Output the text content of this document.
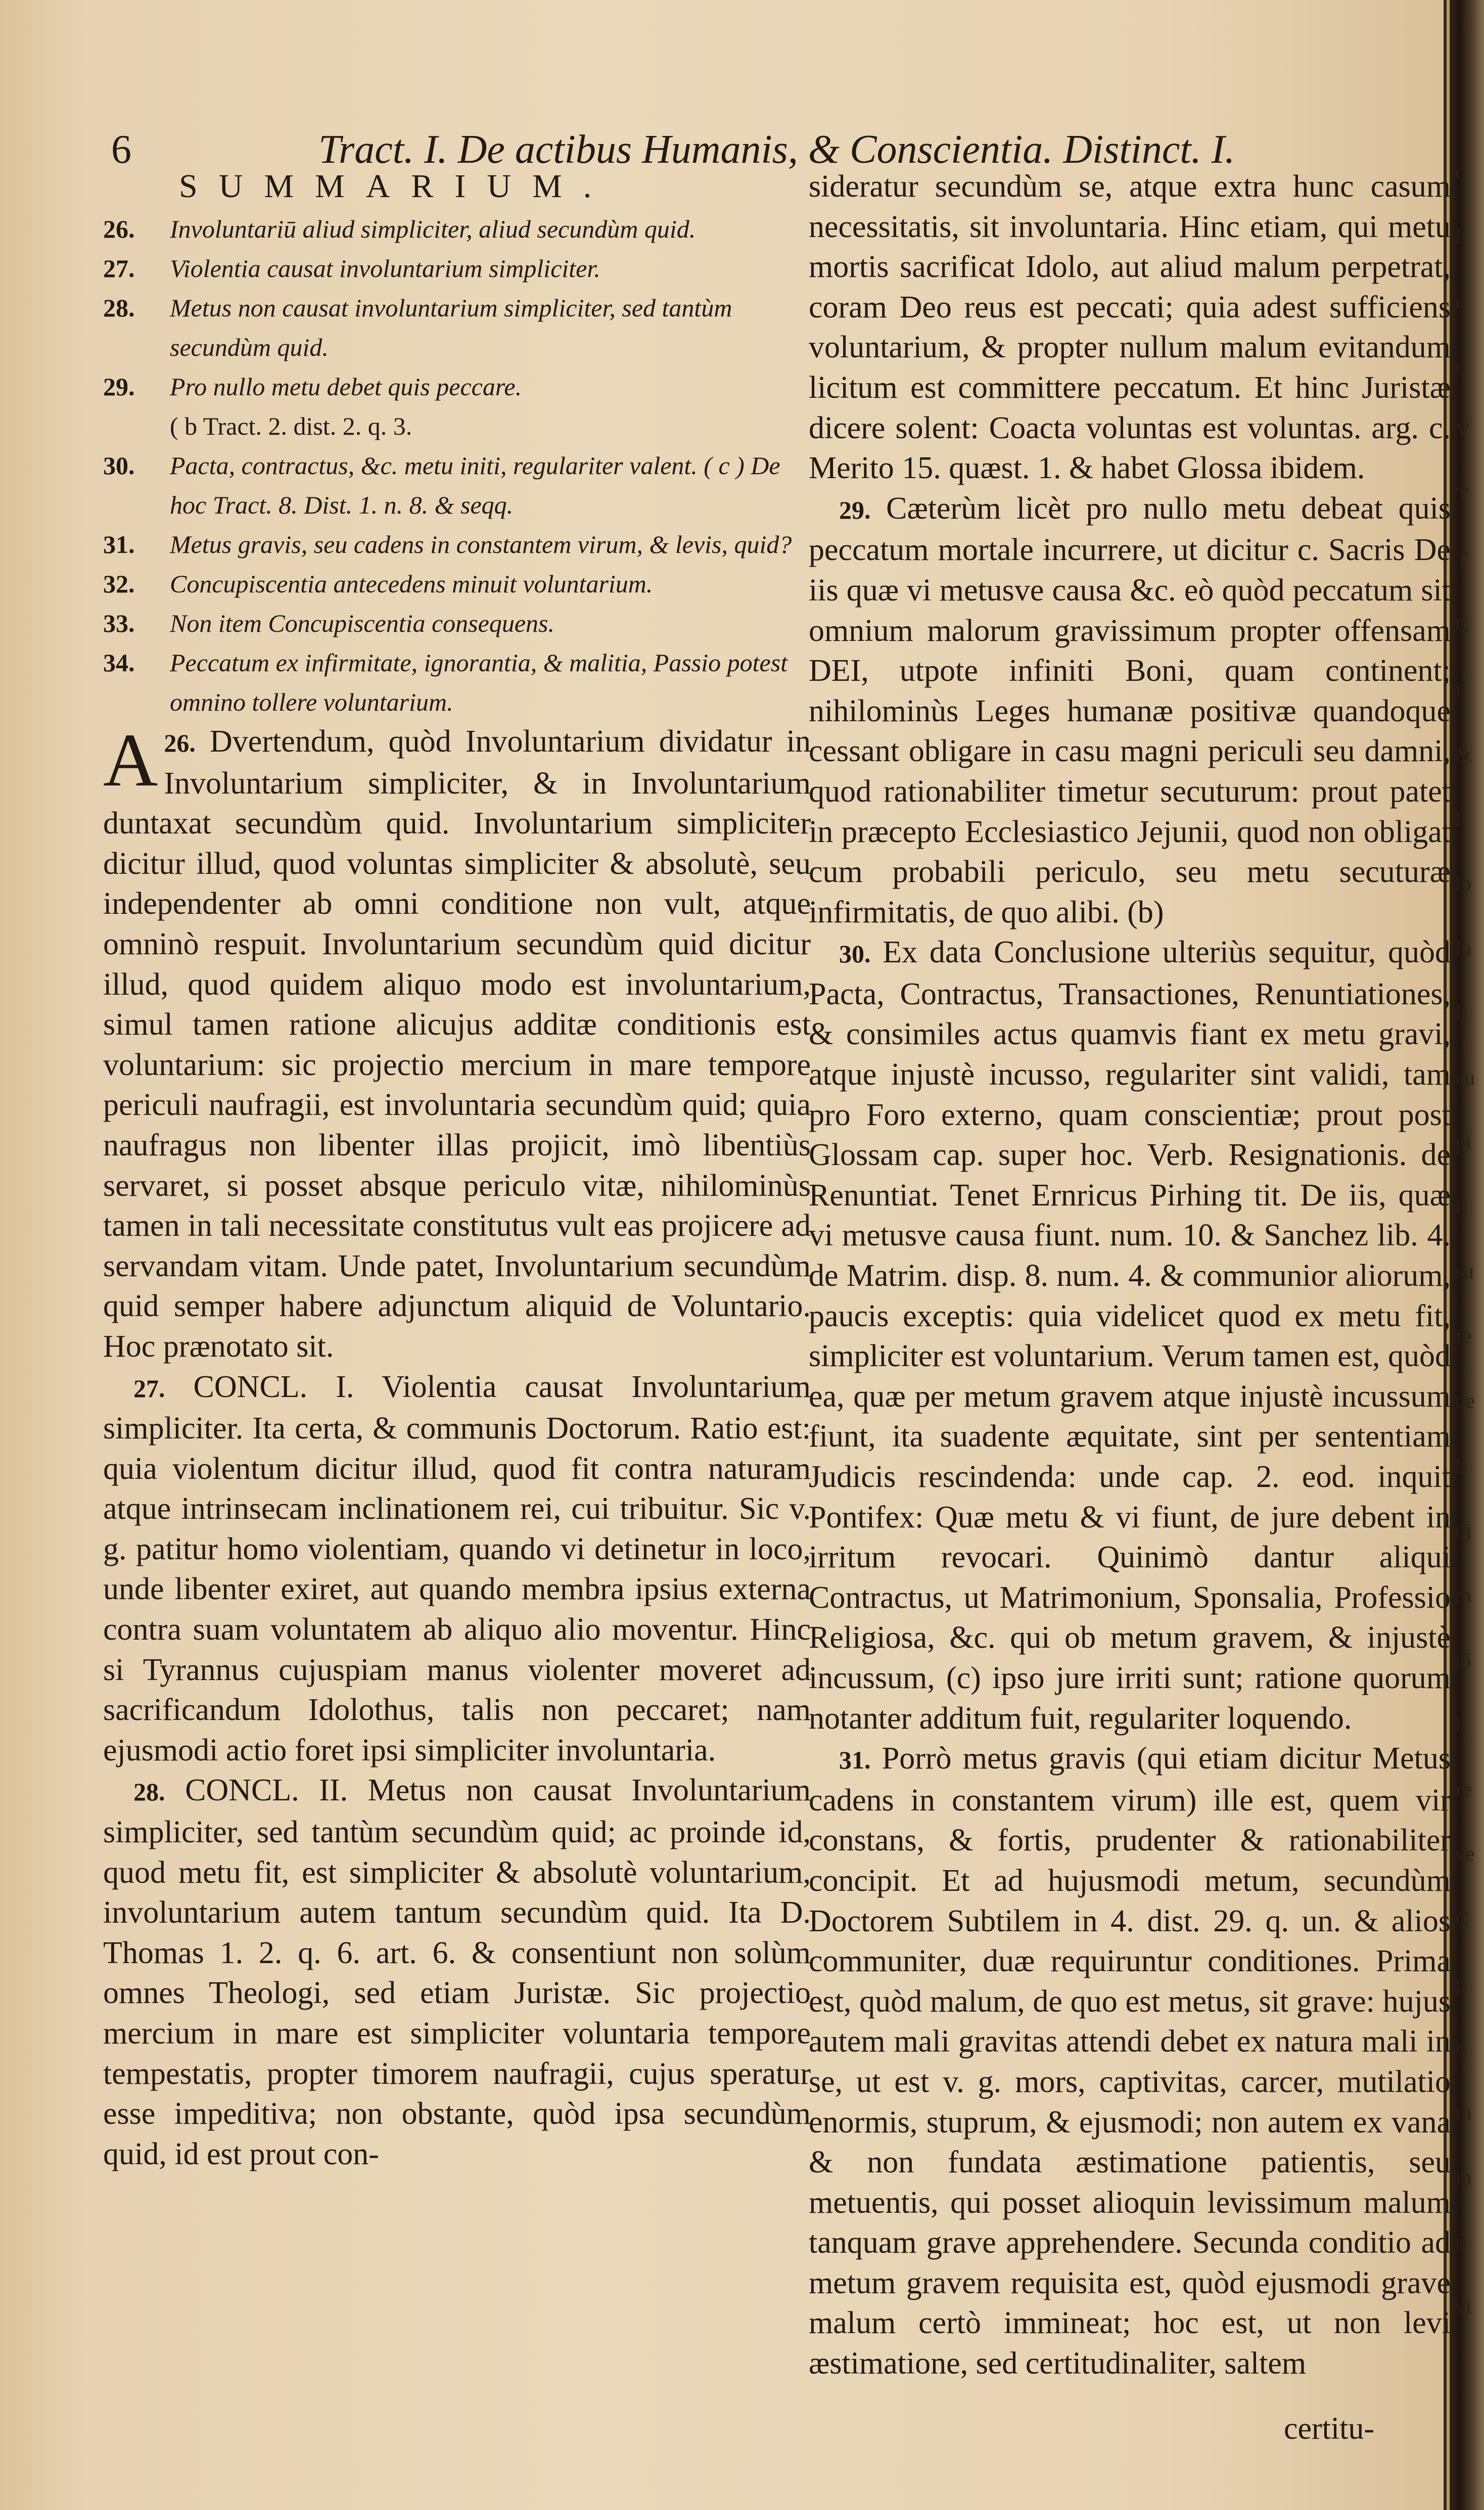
6	Tract. I. De actibus Humanis, & Conscientia. Distinct. I.
SUMMARIUM.
26. Involuntariū aliud simpliciter, aliud secundùm quid.
27. Violentia causat involuntarium simpliciter.
28. Metus non causat involuntarium simpliciter, sed tantùm secundùm quid.
29. Pro nullo metu debet quis peccare.
( b Tract. 2. dist. 2. q. 3.
30. Pacta, contractus, &c. metu initi, regulariter valent. ( c ) De hoc Tract. 8. Dist. 1. n. 8. & seqq.
31. Metus gravis, seu cadens in constantem virum, & levis, quid?
32. Concupiscentia antecedens minuit voluntarium.
33. Non item Concupiscentia consequens.
34. Peccatum ex infirmitate, ignorantia, & malitia, Passio potest omnino tollere voluntarium.

26.
A Dvertendum, quòd Involuntarium dividatur in Involuntarium simpliciter, & in Involuntarium duntaxat secundùm quid. Involuntarium simpliciter dicitur illud, quod voluntas simpliciter & absolutè, seu independenter ab omni conditione non vult, atque omninò respuit. Involuntarium secundùm quid dicitur illud, quod quidem aliquo modo est involuntarium, simul tamen ratione alicujus additæ conditionis est voluntarium: sic projectio mercium in mare tempore periculi naufragii, est involuntaria secundùm quid; quia naufragus non libenter illas projicit, imò libentiùs servaret, si posset absque periculo vitæ, nihilominùs tamen in tali necessitate constitutus vult eas projicere ad servandam vitam. Unde patet, Involuntarium secundùm quid semper habere adjunctum aliquid de Voluntario. Hoc prænotato sit.

27. CONCL. I. Violentia causat Involuntarium simpliciter. Ita certa, & communis Doctorum. Ratio est: quia violentum dicitur illud, quod fit contra naturam atque intrinsecam inclinationem rei, cui tribuitur. Sic v. g. patitur homo violentiam, quando vi detinetur in loco, unde libenter exiret, aut quando membra ipsius externa contra suam voluntatem ab aliquo alio moventur. Hinc si Tyrannus cujuspiam manus violenter moveret ad sacrificandum Idolothus, talis non peccaret; nam ejusmodi actio foret ipsi simpliciter involuntaria.

28. CONCL. II. Metus non causat Involuntarium simpliciter, sed tantùm secundùm quid; ac proinde id, quod metu fit, est simpliciter & absolutè voluntarium, involuntarium autem tantum secundùm quid. Ita D. Thomas 1. 2. q. 6. art. 6. & consentiunt non solùm omnes Theologi, sed etiam Juristæ. Sic projectio mercium in mare est simpliciter voluntaria tempore tempestatis, propter timorem naufragii, cujus speratur esse impeditiva; non obstante, quòd ipsa secundùm quid, id est prout con-

sideratur secundùm se, atque extra hunc casum necessitatis, sit involuntaria. Hinc etiam, qui metu mortis sacrificat Idolo, aut aliud malum perpetrat, coram Deo reus est peccati; quia adest sufficiens voluntarium, & propter nullum malum evitandum licitum est committere peccatum. Et hinc Juristæ dicere solent: Coacta voluntas est voluntas. arg. c. Merito 15. quæst. 1. & habet Glossa ibidem.

29. Cæterùm licèt pro nullo metu debeat quis peccatum mortale incurrere, ut dicitur c. Sacris De iis quæ vi metusve causa &c. eò quòd peccatum sit omnium malorum gravissimum propter offensam DEI, utpote infiniti Boni, quam continent; nihilominùs Leges humanæ positivæ quandoque cessant obligare in casu magni periculi seu damni, quod rationabiliter timetur secuturum: prout patet in præcepto Ecclesiastico Jejunii, quod non obligat cum probabili periculo, seu metu secuturæ infirmitatis, de quo alibi. (b)

30. Ex data Conclusione ulteriùs sequitur, quòd Pacta, Contractus, Transactiones, Renuntiationes, & consimiles actus quamvis fiant ex metu gravi, atque injustè incusso, regulariter sint validi, tam pro Foro externo, quam conscientiæ; prout post Glossam cap. super hoc. Verb. Resignationis. de Renuntiat. Tenet Ernricus Pirhing tit. De iis, quæ vi metusve causa fiunt. num. 10. & Sanchez lib. 4. de Matrim. disp. 8. num. 4. & communior aliorum, paucis exceptis: quia videlicet quod ex metu fit, simpliciter est voluntarium. Verum tamen est, quòd ea, quæ per metum gravem atque injustè incussum fiunt, ita suadente æquitate, sint per sententiam Judicis rescindenda: unde cap. 2. eod. inquit Pontifex: Quæ metu & vi fiunt, de jure debent in irritum revocari. Quinimò dantur aliqui Contractus, ut Matrimonium, Sponsalia, Professio Religiosa, &c. qui ob metum gravem, & injustè incussum, (c) ipso jure irriti sunt; ratione quorum notanter additum fuit, regulariter loquendo.

31. Porrò metus gravis (qui etiam dicitur Metus cadens in constantem virum) ille est, quem vir constans, & fortis, prudenter & rationabiliter concipit. Et ad hujusmodi metum, secundùm Doctorem Subtilem in 4. dist. 29. q. un. & alios communiter, duæ requiruntur conditiones. Prima est, quòd malum, de quo est metus, sit grave: hujus autem mali gravitas attendi debet ex natura mali in se, ut est v. g. mors, captivitas, carcer, mutilatio enormis, stuprum, & ejusmodi; non autem ex vana & non fundata æstimatione patientis, seu metuentis, qui posset alioquin levissimum malum tanquam grave apprehendere. Secunda conditio ad metum gravem requisita est, quòd ejusmodi grave malum certò immineat; hoc est, ut non levi æstimatione, sed certitudinaliter, saltem

q
l
n
q
V
T
T
C
i
&
l
ip
lu
li
au
pi
li
su
fe
de
b
oj
m
gi
h
re
ve
C
p
b
m
in
ti
vi
certitu-
